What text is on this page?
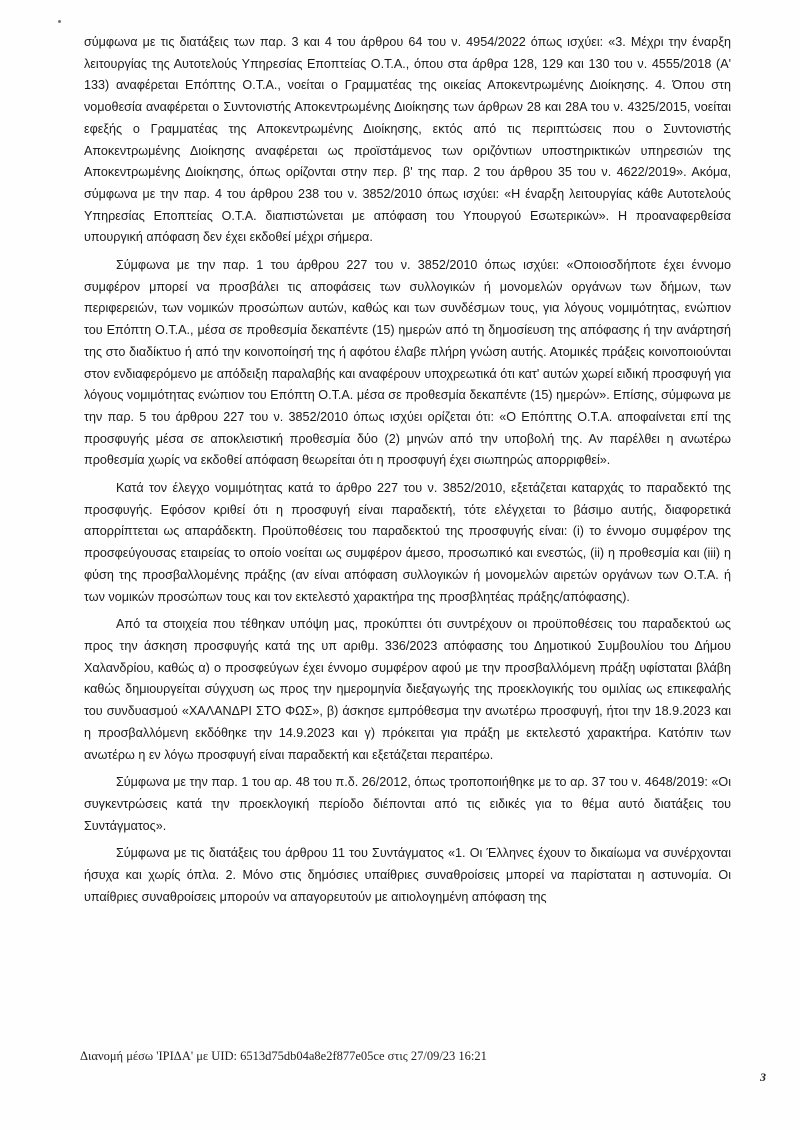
σύμφωνα με τις διατάξεις των παρ. 3 και 4 του άρθρου 64 του ν. 4954/2022 όπως ισχύει: «3. Μέχρι την έναρξη λειτουργίας της Αυτοτελούς Υπηρεσίας Εποπτείας Ο.Τ.Α., όπου στα άρθρα 128, 129 και 130 του ν. 4555/2018 (Α' 133) αναφέρεται Επόπτης Ο.Τ.Α., νοείται ο Γραμματέας της οικείας Αποκεντρωμένης Διοίκησης. 4. Όπου στη νομοθεσία αναφέρεται ο Συντονιστής Αποκεντρωμένης Διοίκησης των άρθρων 28 και 28Α του ν. 4325/2015, νοείται εφεξής ο Γραμματέας της Αποκεντρωμένης Διοίκησης, εκτός από τις περιπτώσεις που ο Συντονιστής Αποκεντρωμένης Διοίκησης αναφέρεται ως προϊστάμενος των οριζόντιων υποστηρικτικών υπηρεσιών της Αποκεντρωμένης Διοίκησης, όπως ορίζονται στην περ. β' της παρ. 2 του άρθρου 35 του ν. 4622/2019». Ακόμα, σύμφωνα με την παρ. 4 του άρθρου 238 του ν. 3852/2010 όπως ισχύει: «Η έναρξη λειτουργίας κάθε Αυτοτελούς Υπηρεσίας Εποπτείας Ο.Τ.Α. διαπιστώνεται με απόφαση του Υπουργού Εσωτερικών». Η προαναφερθείσα υπουργική απόφαση δεν έχει εκδοθεί μέχρι σήμερα.

Σύμφωνα με την παρ. 1 του άρθρου 227 του ν. 3852/2010 όπως ισχύει: «Οποιοσδήποτε έχει έννομο συμφέρον μπορεί να προσβάλει τις αποφάσεις των συλλογικών ή μονομελών οργάνων των δήμων, των περιφερειών, των νομικών προσώπων αυτών, καθώς και των συνδέσμων τους, για λόγους νομιμότητας, ενώπιον του Επόπτη Ο.Τ.Α., μέσα σε προθεσμία δεκαπέντε (15) ημερών από τη δημοσίευση της απόφασης ή την ανάρτησή της στο διαδίκτυο ή από την κοινοποίησή της ή αφότου έλαβε πλήρη γνώση αυτής. Ατομικές πράξεις κοινοποιούνται στον ενδιαφερόμενο με απόδειξη παραλαβής και αναφέρουν υποχρεωτικά ότι κατ' αυτών χωρεί ειδική προσφυγή για λόγους νομιμότητας ενώπιον του Επόπτη Ο.Τ.Α. μέσα σε προθεσμία δεκαπέντε (15) ημερών». Επίσης, σύμφωνα με την παρ. 5 του άρθρου 227 του ν. 3852/2010 όπως ισχύει ορίζεται ότι: «Ο Επόπτης Ο.Τ.Α. αποφαίνεται επί της προσφυγής μέσα σε αποκλειστική προθεσμία δύο (2) μηνών από την υποβολή της. Αν παρέλθει η ανωτέρω προθεσμία χωρίς να εκδοθεί απόφαση θεωρείται ότι η προσφυγή έχει σιωπηρώς απορριφθεί».

Κατά τον έλεγχο νομιμότητας κατά το άρθρο 227 του ν. 3852/2010, εξετάζεται καταρχάς το παραδεκτό της προσφυγής. Εφόσον κριθεί ότι η προσφυγή είναι παραδεκτή, τότε ελέγχεται το βάσιμο αυτής, διαφορετικά απορρίπτεται ως απαράδεκτη. Προϋποθέσεις του παραδεκτού της προσφυγής είναι: (i) το έννομο συμφέρον της προσφεύγουσας εταιρείας το οποίο νοείται ως συμφέρον άμεσο, προσωπικό και ενεστώς, (ii) η προθεσμία και (iii) η φύση της προσβαλλομένης πράξης (αν είναι απόφαση συλλογικών ή μονομελών αιρετών οργάνων των Ο.Τ.Α. ή των νομικών προσώπων τους και τον εκτελεστό χαρακτήρα της προσβλητέας πράξης/απόφασης).

Από τα στοιχεία που τέθηκαν υπόψη μας, προκύπτει ότι συντρέχουν οι προϋποθέσεις του παραδεκτού ως προς την άσκηση προσφυγής κατά της υπ αριθμ. 336/2023 απόφασης του Δημοτικού Συμβουλίου του Δήμου Χαλανδρίου, καθώς α) ο προσφεύγων έχει έννομο συμφέρον αφού με την προσβαλλόμενη πράξη υφίσταται βλάβη καθώς δημιουργείται σύγχυση ως προς την ημερομηνία διεξαγωγής της προεκλογικής του ομιλίας ως επικεφαλής του συνδυασμού «ΧΑΛΑΝΔΡΙ ΣΤΟ ΦΩΣ», β) άσκησε εμπρόθεσμα την ανωτέρω προσφυγή, ήτοι την 18.9.2023 και η προσβαλλόμενη εκδόθηκε την 14.9.2023 και γ) πρόκειται για πράξη με εκτελεστό χαρακτήρα. Κατόπιν των ανωτέρω η εν λόγω προσφυγή είναι παραδεκτή και εξετάζεται περαιτέρω.

Σύμφωνα με την παρ. 1 του αρ. 48 του π.δ. 26/2012, όπως τροποποιήθηκε με το αρ. 37 του ν. 4648/2019: «Οι συγκεντρώσεις κατά την προεκλογική περίοδο διέπονται από τις ειδικές για το θέμα αυτό διατάξεις του Συντάγματος».

Σύμφωνα με τις διατάξεις του άρθρου 11 του Συντάγματος «1. Οι Έλληνες έχουν το δικαίωμα να συνέρχονται ήσυχα και χωρίς όπλα. 2. Μόνο στις δημόσιες υπαίθριες συναθροίσεις μπορεί να παρίσταται η αστυνομία. Οι υπαίθριες συναθροίσεις μπορούν να απαγορευτούν με αιτιολογημένη απόφαση της

Διανομή μέσω 'ΙΡΙΔΑ' με UID: 6513d75db04a8e2f877e05ce στις 27/09/23 16:21
3
